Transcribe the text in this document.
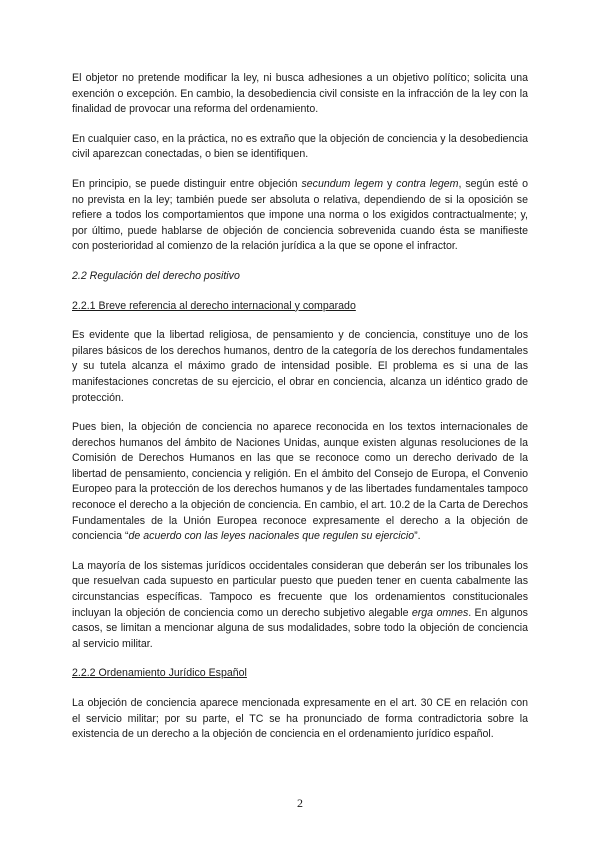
El objetor no pretende modificar la ley, ni busca adhesiones a un objetivo político; solicita una exención o excepción. En cambio, la desobediencia civil consiste en la infracción de la ley con la finalidad de provocar una reforma del ordenamiento.

En cualquier caso, en la práctica, no es extraño que la objeción de conciencia y la desobediencia civil aparezcan conectadas, o bien se identifiquen.

En principio, se puede distinguir entre objeción secundum legem y contra legem, según esté o no prevista en la ley; también puede ser absoluta o relativa, dependiendo de si la oposición se refiere a todos los comportamientos que impone una norma o los exigidos contractualmente; y, por último, puede hablarse de objeción de conciencia sobrevenida cuando ésta se manifieste con posterioridad al comienzo de la relación jurídica a la que se opone el infractor.

2.2 Regulación del derecho positivo
2.2.1 Breve referencia al derecho internacional y comparado

Es evidente que la libertad religiosa, de pensamiento y de conciencia, constituye uno de los pilares básicos de los derechos humanos, dentro de la categoría de los derechos fundamentales y su tutela alcanza el máximo grado de intensidad posible. El problema es si una de las manifestaciones concretas de su ejercicio, el obrar en conciencia, alcanza un idéntico grado de protección.

Pues bien, la objeción de conciencia no aparece reconocida en los textos internacionales de derechos humanos del ámbito de Naciones Unidas, aunque existen algunas resoluciones de la Comisión de Derechos Humanos en las que se reconoce como un derecho derivado de la libertad de pensamiento, conciencia y religión. En el ámbito del Consejo de Europa, el Convenio Europeo para la protección de los derechos humanos y de las libertades fundamentales tampoco reconoce el derecho a la objeción de conciencia. En cambio, el art. 10.2 de la Carta de Derechos Fundamentales de la Unión Europea reconoce expresamente el derecho a la objeción de conciencia “de acuerdo con las leyes nacionales que regulen su ejercicio”.

La mayoría de los sistemas jurídicos occidentales consideran que deberán ser los tribunales los que resuelvan cada supuesto en particular puesto que pueden tener en cuenta cabalmente las circunstancias específicas. Tampoco es frecuente que los ordenamientos constitucionales incluyan la objeción de conciencia como un derecho subjetivo alegable erga omnes. En algunos casos, se limitan a mencionar alguna de sus modalidades, sobre todo la objeción de conciencia al servicio militar.

2.2.2 Ordenamiento Jurídico Español

La objeción de conciencia aparece mencionada expresamente en el art. 30 CE en relación con el servicio militar; por su parte, el TC se ha pronunciado de forma contradictoria sobre la existencia de un derecho a la objeción de conciencia en el ordenamiento jurídico español.

2
